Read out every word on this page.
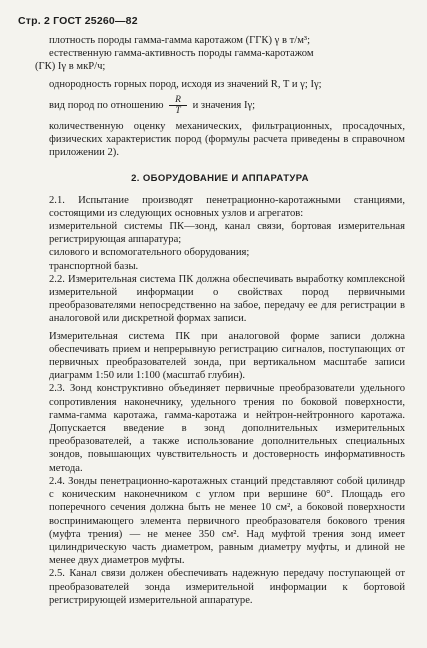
Стр. 2 ГОСТ 25260—82

плотность породы гамма-гамма каротажом (ГГК) γ в т/м³;

естественную гамма-активность породы гамма-каротажом

(ГК) Iγ в мкР/ч;

однородность горных пород, исходя из значений R, T и γ; Iγ;

вид пород по отношению $\frac{R}{T}$ и значения Iγ;

количественную оценку механических, фильтрационных, просадочных, физических характеристик пород (формулы расчета приведены в справочном приложении 2).

2. ОБОРУДОВАНИЕ И АППАРАТУРА

2.1. Испытание производят пенетрационно-каротажными станциями, состоящими из следующих основных узлов и агрегатов:

измерительной системы ПК—зонд, канал связи, бортовая измерительная регистрирующая аппаратура;

силового и вспомогательного оборудования;

транспортной базы.

2.2. Измерительная система ПК должна обеспечивать выработку комплексной измерительной информации о свойствах пород первичными преобразователями непосредственно на забое, передачу ее для регистрации в аналоговой или дискретной формах записи.

Измерительная система ПК при аналоговой форме записи должна обеспечивать прием и непрерывную регистрацию сигналов, поступающих от первичных преобразователей зонда, при вертикальном масштабе записи диаграмм 1:50 или 1:100 (масштаб глубин).

2.3. Зонд конструктивно объединяет первичные преобразователи удельного сопротивления наконечнику, удельного трения по боковой поверхности, гамма-гамма каротажа, гамма-каротажа и нейтрон-нейтронного каротажа. Допускается введение в зонд дополнительных измерительных преобразователей, а также использование дополнительных специальных зондов, повышающих чувствительность и достоверность информативность метода.

2.4. Зонды пенетрационно-каротажных станций представляют собой цилиндр с коническим наконечником с углом при вершине 60°. Площадь его поперечного сечения должна быть не менее 10 см², а боковой поверхности воспринимающего элемента первичного преобразователя бокового трения (муфта трения) — не менее 350 см². Над муфтой трения зонд имеет цилиндрическую часть диаметром, равным диаметру муфты, и длиной не менее двух диаметров муфты.

2.5. Канал связи должен обеспечивать надежную передачу поступающей от преобразователей зонда измерительной информации к бортовой регистрирующей измерительной аппаратуре.
